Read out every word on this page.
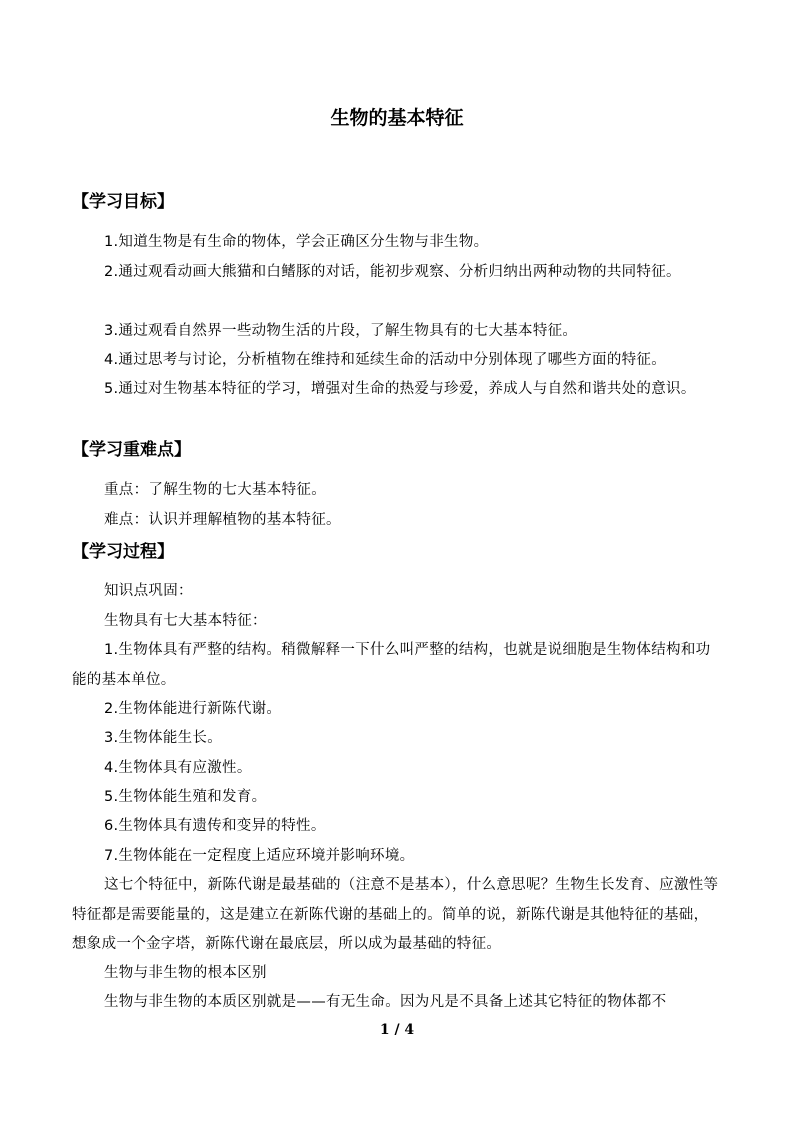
生物的基本特征
【学习目标】

1.知道生物是有生命的物体，学会正确区分生物与非生物。

2.通过观看动画大熊猫和白鳍豚的对话，能初步观察、分析归纳出两种动物的共同特征。

3.通过观看自然界一些动物生活的片段，了解生物具有的七大基本特征。

4.通过思考与讨论，分析植物在维持和延续生命的活动中分别体现了哪些方面的特征。

5.通过对生物基本特征的学习，增强对生命的热爱与珍爱，养成人与自然和谐共处的意识。

【学习重难点】

重点：了解生物的七大基本特征。

难点：认识并理解植物的基本特征。

【学习过程】

知识点巩固：

生物具有七大基本特征：

1.生物体具有严整的结构。稍微解释一下什么叫严整的结构，也就是说细胞是生物体结构和功能的基本单位。

2.生物体能进行新陈代谢。

3.生物体能生长。

4.生物体具有应激性。

5.生物体能生殖和发育。

6.生物体具有遗传和变异的特性。

7.生物体能在一定程度上适应环境并影响环境。

这七个特征中，新陈代谢是最基础的（注意不是基本），什么意思呢？生物生长发育、应激性等特征都是需要能量的，这是建立在新陈代谢的基础上的。简单的说，新陈代谢是其他特征的基础，想象成一个金字塔，新陈代谢在最底层，所以成为最基础的特征。

生物与非生物的根本区别

生物与非生物的本质区别就是——有无生命。因为凡是不具备上述其它特征的物体都不

1 / 4
